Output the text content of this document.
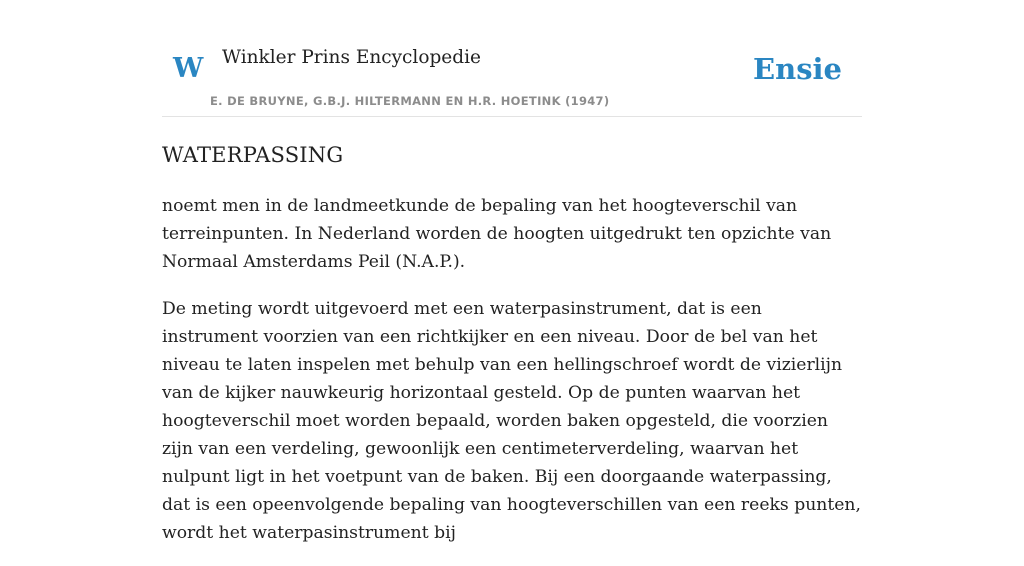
W Winkler Prins Encyclopedie
E. DE BRUYNE, G.B.J. HILTERMANN EN H.R. HOETINK (1947)
Ensie
WATERPASSING

noemt men in de landmeetkunde de bepaling van het hoogteverschil van terreinpunten. In Nederland worden de hoogten uitgedrukt ten opzichte van Normaal Amsterdams Peil (N.A.P.).

De meting wordt uitgevoerd met een waterpasinstrument, dat is een instrument voorzien van een richtkijker en een niveau. Door de bel van het niveau te laten inspelen met behulp van een hellingschroef wordt de vizierlijn van de kijker nauwkeurig horizontaal gesteld. Op de punten waarvan het hoogteverschil moet worden bepaald, worden baken opgesteld, die voorzien zijn van een verdeling, gewoonlijk een centimeterverdeling, waarvan het nulpunt ligt in het voetpunt van de baken. Bij een doorgaande waterpassing, dat is een opeenvolgende bepaling van hoogteverschillen van een reeks punten, wordt het waterpasinstrument bij
